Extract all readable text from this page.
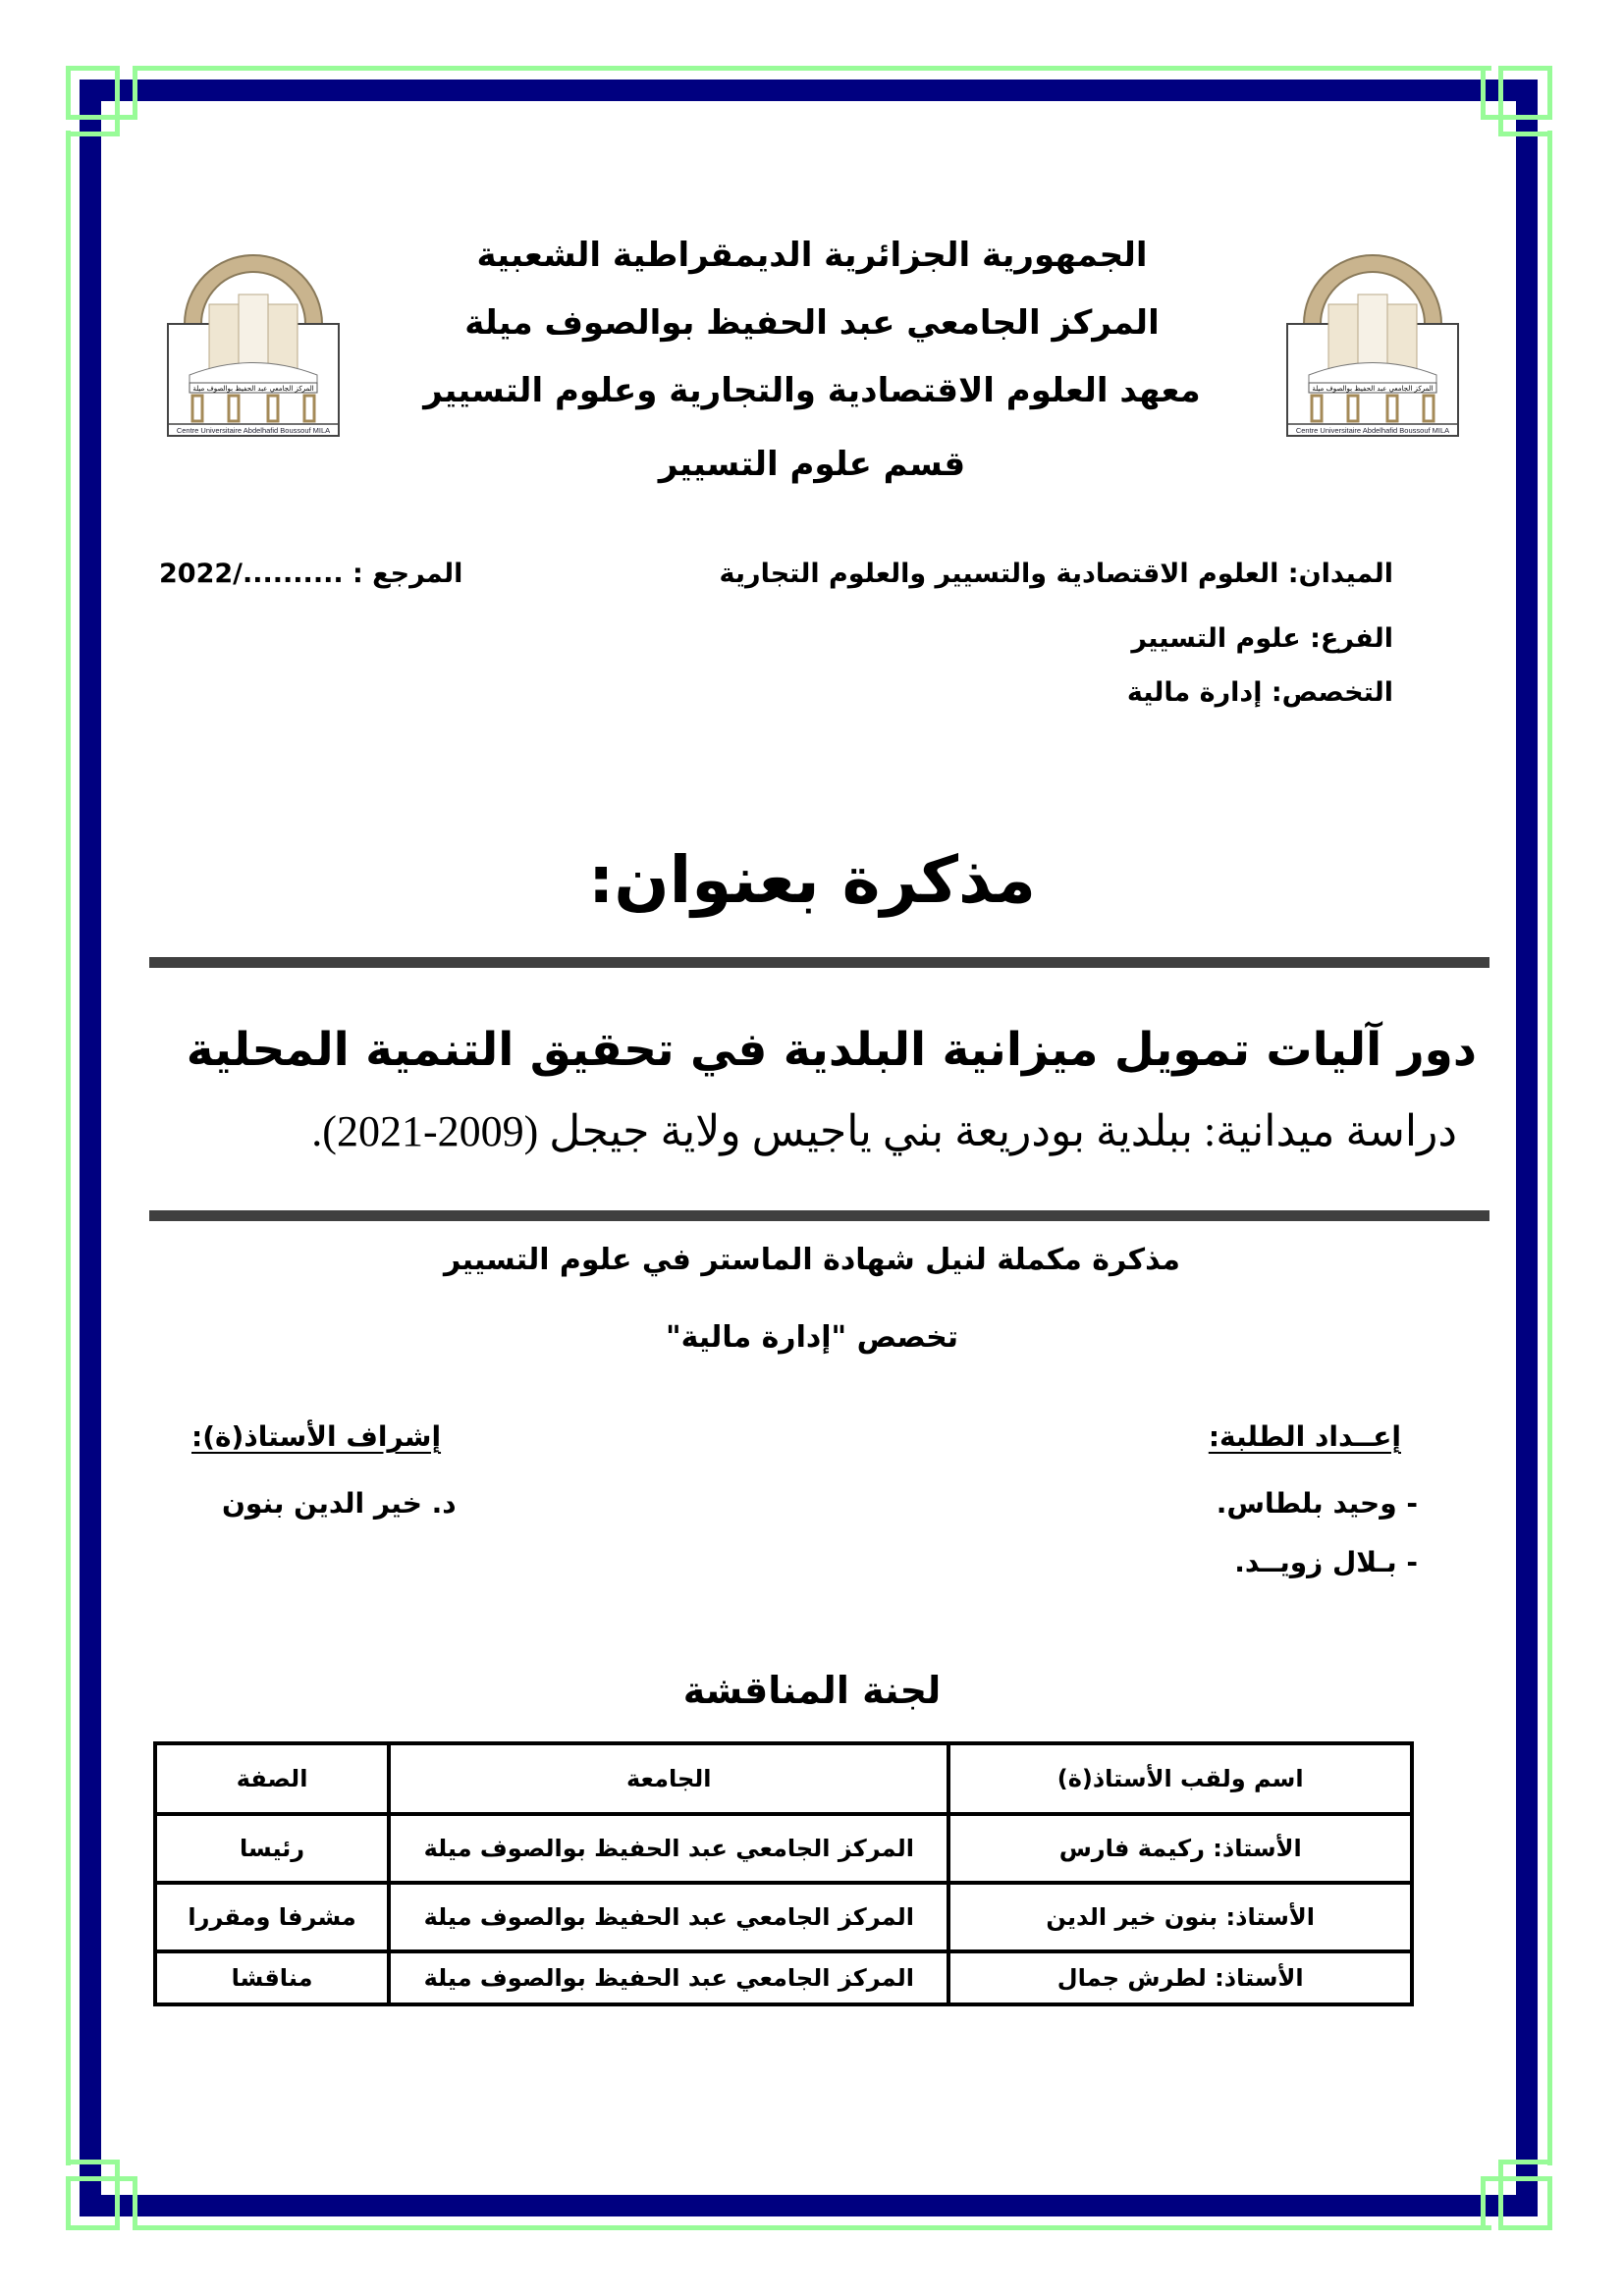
المركز الجامعي عبد الحفيظ بوالصوف ميلة
Centre Universitaire Abdelhafid Boussouf MILA
المركز الجامعي عبد الحفيظ بوالصوف ميلة
Centre Universitaire Abdelhafid Boussouf MILA
الجمهورية الجزائرية الديمقراطية الشعبية
المركز الجامعي عبد الحفيظ بوالصوف ميلة
معهد العلوم الاقتصادية والتجارية وعلوم التسيير
قسم علوم التسيير
المرجع : ........../2022	الميدان: العلوم الاقتصادية والتسيير والعلوم التجارية
الفرع: علوم التسيير
التخصص: إدارة مالية
مذكرة بعنوان:
دور آليات تمويل ميزانية البلدية في تحقيق التنمية المحلية
دراسة ميدانية: ببلدية بودريعة بني ياجيس ولاية جيجل (2009-2021).
مذكرة مكملة لنيل شهادة الماستر في علوم التسيير
تخصص "إدارة مالية"
إعــداد الطلبة:
- وحيد بلطاس.
- بـلال زويــد.
إشراف الأستاذ(ة):
د. خير الدين بنون
لجنة المناقشة
اسم ولقب الأستاذ(ة)	الجامعة	الصفة
الأستاذ: ركيمة فارس	المركز الجامعي عبد الحفيظ بوالصوف ميلة	رئيسا
الأستاذ: بنون خير الدين	المركز الجامعي عبد الحفيظ بوالصوف ميلة	مشرفا ومقررا
الأستاذ: لطرش جمال	المركز الجامعي عبد الحفيظ بوالصوف ميلة	مناقشا
